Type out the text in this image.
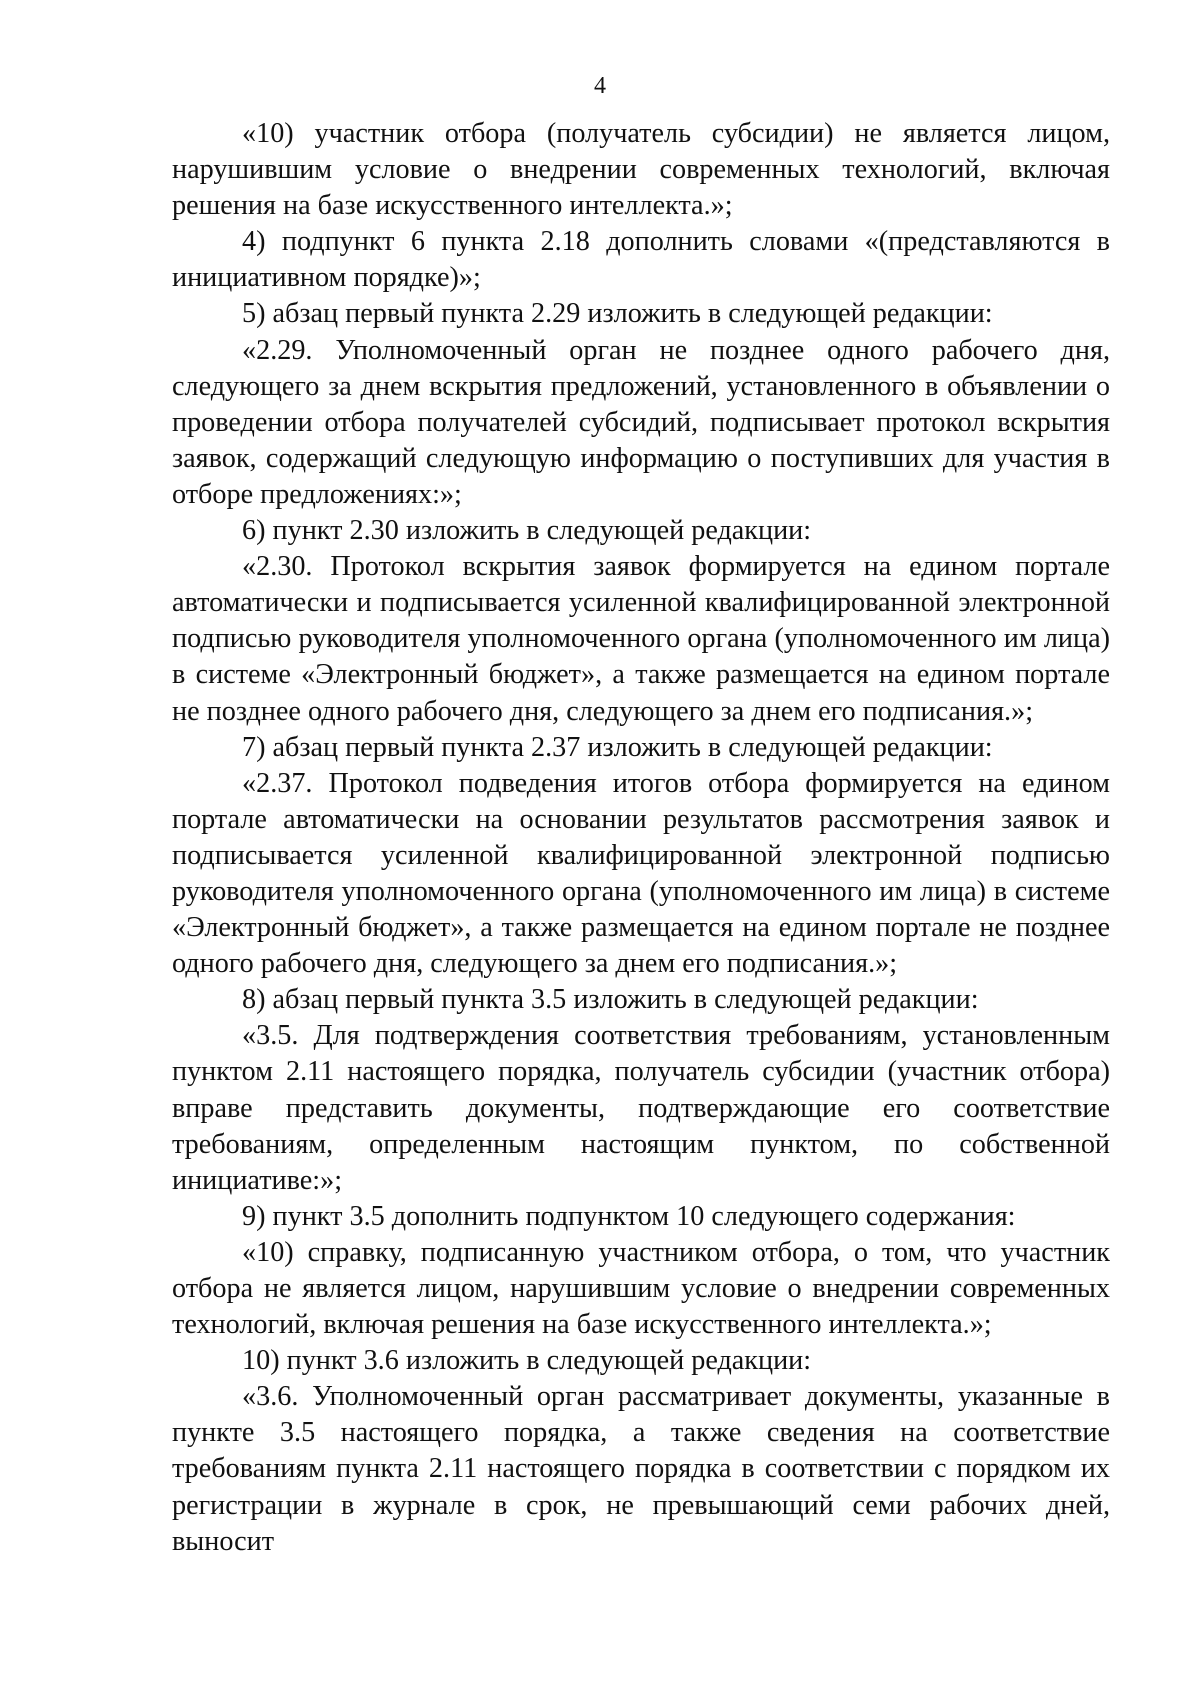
4

«10) участник отбора (получатель субсидии) не является лицом, нарушившим условие о внедрении современных технологий, включая решения на базе искусственного интеллекта.»;

4) подпункт 6 пункта 2.18 дополнить словами «(представляются в инициативном порядке)»;

5) абзац первый пункта 2.29 изложить в следующей редакции:

«2.29. Уполномоченный орган не позднее одного рабочего дня, следующего за днем вскрытия предложений, установленного в объявлении о проведении отбора получателей субсидий, подписывает протокол вскрытия заявок, содержащий следующую информацию о поступивших для участия в отборе предложениях:»;

6) пункт 2.30 изложить в следующей редакции:

«2.30. Протокол вскрытия заявок формируется на едином портале автоматически и подписывается усиленной квалифицированной электронной подписью руководителя уполномоченного органа (уполномоченного им лица) в системе «Электронный бюджет», а также размещается на едином портале не позднее одного рабочего дня, следующего за днем его подписания.»;

7) абзац первый пункта 2.37 изложить в следующей редакции:

«2.37. Протокол подведения итогов отбора формируется на едином портале автоматически на основании результатов рассмотрения заявок и подписывается усиленной квалифицированной электронной подписью руководителя уполномоченного органа (уполномоченного им лица) в системе «Электронный бюджет», а также размещается на едином портале не позднее одного рабочего дня, следующего за днем его подписания.»;

8) абзац первый пункта 3.5 изложить в следующей редакции:

«3.5. Для подтверждения соответствия требованиям, установленным пунктом 2.11 настоящего порядка, получатель субсидии (участник отбора) вправе представить документы, подтверждающие его соответствие требованиям, определенным настоящим пунктом, по собственной инициативе:»;

9) пункт 3.5 дополнить подпунктом 10 следующего содержания:

«10) справку, подписанную участником отбора, о том, что участник отбора не является лицом, нарушившим условие о внедрении современных технологий, включая решения на базе искусственного интеллекта.»;

10) пункт 3.6 изложить в следующей редакции:

«3.6. Уполномоченный орган рассматривает документы, указанные в пункте 3.5 настоящего порядка, а также сведения на соответствие требованиям пункта 2.11 настоящего порядка в соответствии с порядком их регистрации в журнале в срок, не превышающий семи рабочих дней, выносит
